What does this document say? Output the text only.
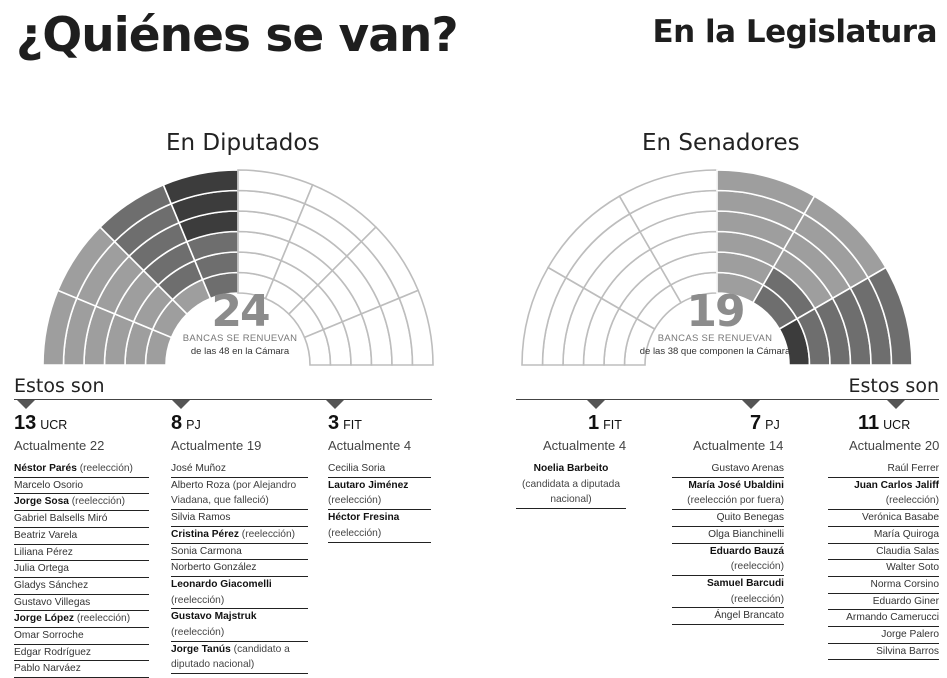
¿Quiénes se van?	En la Legislatura
En Diputados
24
BANCAS SE RENUEVAN
de las 48 en la Cámara
En Senadores
19
BANCAS SE RENUEVAN
de las 38 que componen la Cámara
Estos son	Estos son
13 UCR
Actualmente 22
Néstor Parés (reelección)
Marcelo Osorio
Jorge Sosa (reelección)
Gabriel Balsells Miró
Beatriz Varela
Liliana Pérez
Julia Ortega
Gladys Sánchez
Gustavo Villegas
Jorge López (reelección)
Omar Sorroche
Edgar Rodríguez
Pablo Narváez
8 PJ
Actualmente 19
José Muñoz
Alberto Roza (por Alejandro Viadana, que falleció)
Silvia Ramos
Cristina Pérez (reelección)
Sonia Carmona
Norberto González
Leonardo Giacomelli (reelección)
Gustavo Majstruk (reelección)
Jorge Tanús (candidato a diputado nacional)
3 FIT
Actualmente 4
Cecilia Soria
Lautaro Jiménez (reelección)
Héctor Fresina (reelección)
1 FIT
Actualmente 4
Noelia Barbeito (candidata a diputada nacional)
7 PJ
Actualmente 14
Gustavo Arenas
María José Ubaldini (reelección por fuera)
Quito Benegas
Olga Bianchinelli
Eduardo Bauzá (reelección)
Samuel Barcudi (reelección)
Ángel Brancato
11 UCR
Actualmente 20
Raúl Ferrer
Juan Carlos Jaliff (reelección)
Verónica Basabe
María Quiroga
Claudia Salas
Walter Soto
Norma Corsino
Eduardo Giner
Armando Camerucci
Jorge Palero
Silvina Barros
